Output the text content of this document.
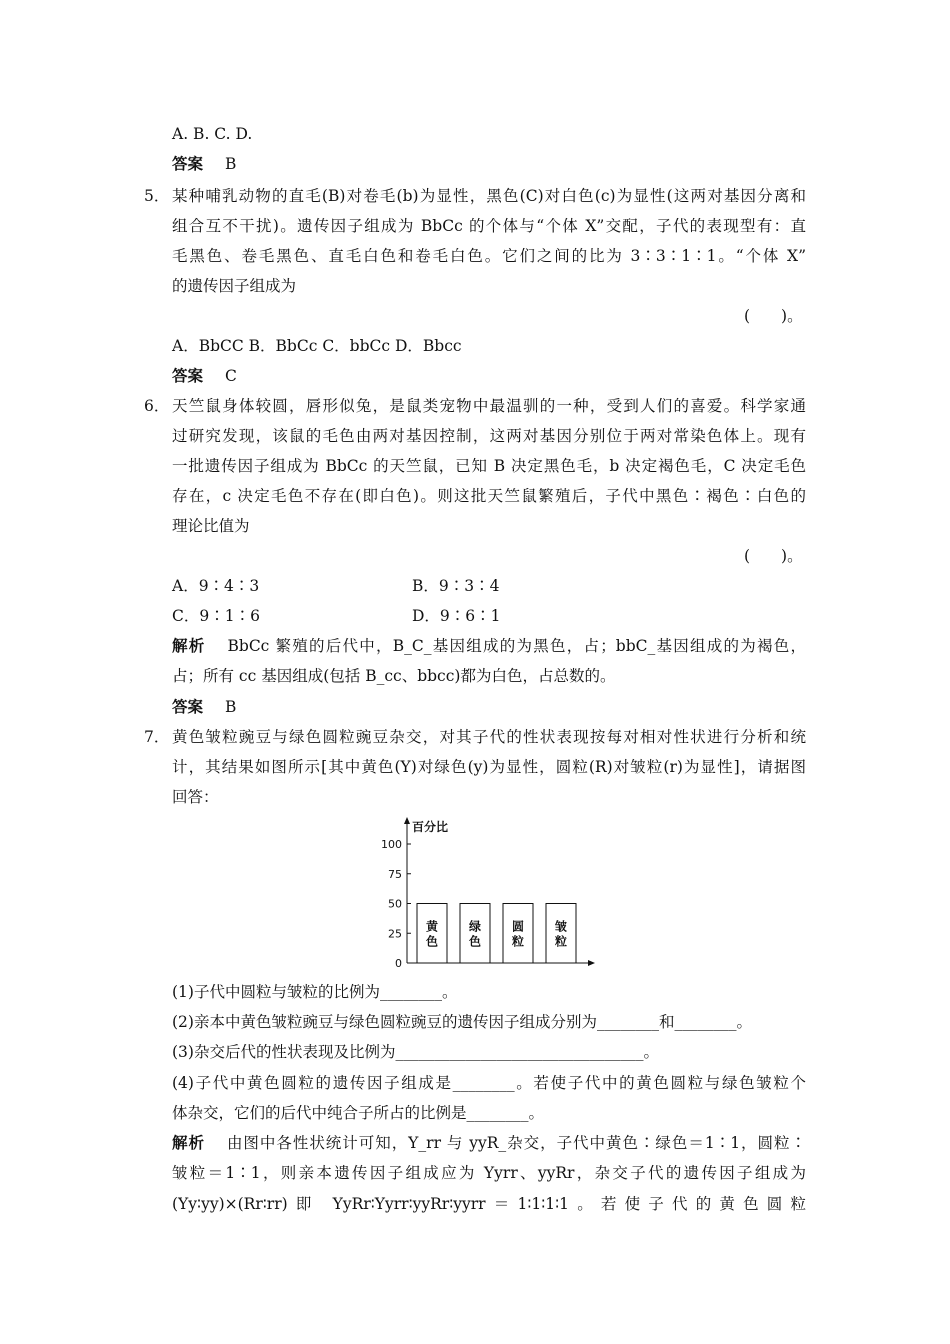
A. B. C. D.
答案 B
5． 某种哺乳动物的直毛(B)对卷毛(b)为显性，黑色(C)对白色(c)为显性(这两对基因分离和
组合互不干扰)。遗传因子组成为 BbCc 的个体与“个体 X”交配，子代的表现型有：直
毛黑色、卷毛黑色、直毛白色和卷毛白色。它们之间的比为 3∶3∶1∶1。“个体 X”
的遗传因子组成为
(　　)。
A．BbCC B．BbCc C．bbCc D．Bbcc
答案 C
6． 天竺鼠身体较圆，唇形似兔，是鼠类宠物中最温驯的一种，受到人们的喜爱。科学家通
过研究发现，该鼠的毛色由两对基因控制，这两对基因分别位于两对常染色体上。现有
一批遗传因子组成为 BbCc 的天竺鼠，已知 B 决定黑色毛，b 决定褐色毛，C 决定毛色
存在，c 决定毛色不存在(即白色)。则这批天竺鼠繁殖后，子代中黑色∶褐色∶白色的
理论比值为
(　　)。
A．9∶4∶3	B．9∶3∶4
C．9∶1∶6	D．9∶6∶1
解析 BbCc 繁殖的后代中，B_C_基因组成的为黑色，占；bbC_基因组成的为褐色，
占；所有 cc 基因组成(包括 B_cc、bbcc)都为白色，占总数的。
答案 B
7． 黄色皱粒豌豆与绿色圆粒豌豆杂交，对其子代的性状表现按每对相对性状进行分析和统
计，其结果如图所示[其中黄色(Y)对绿色(y)为显性，圆粒(R)对皱粒(r)为显性]，请据图
回答：
百分比
0
25
50
75
100
黄
色
绿
色
圆
粒
皱
粒
(1)子代中圆粒与皱粒的比例为________。
(2)亲本中黄色皱粒豌豆与绿色圆粒豌豆的遗传因子组成分别为________和________。
(3)杂交后代的性状表现及比例为________________________________。
(4)子代中黄色圆粒的遗传因子组成是________。若使子代中的黄色圆粒与绿色皱粒个
体杂交，它们的后代中纯合子所占的比例是________。
解析 由图中各性状统计可知，Y_rr 与 yyR_杂交，子代中黄色∶绿色＝1∶1，圆粒∶
皱粒＝1∶1，则亲本遗传因子组成应为 Yyrr、yyRr，杂交子代的遗传因子组成为
(Yy∶yy)×(Rr∶rr)即 YyRr∶Yyrr∶yyRr∶yyrr＝1∶1∶1∶1。若使子代的黄色圆粒
